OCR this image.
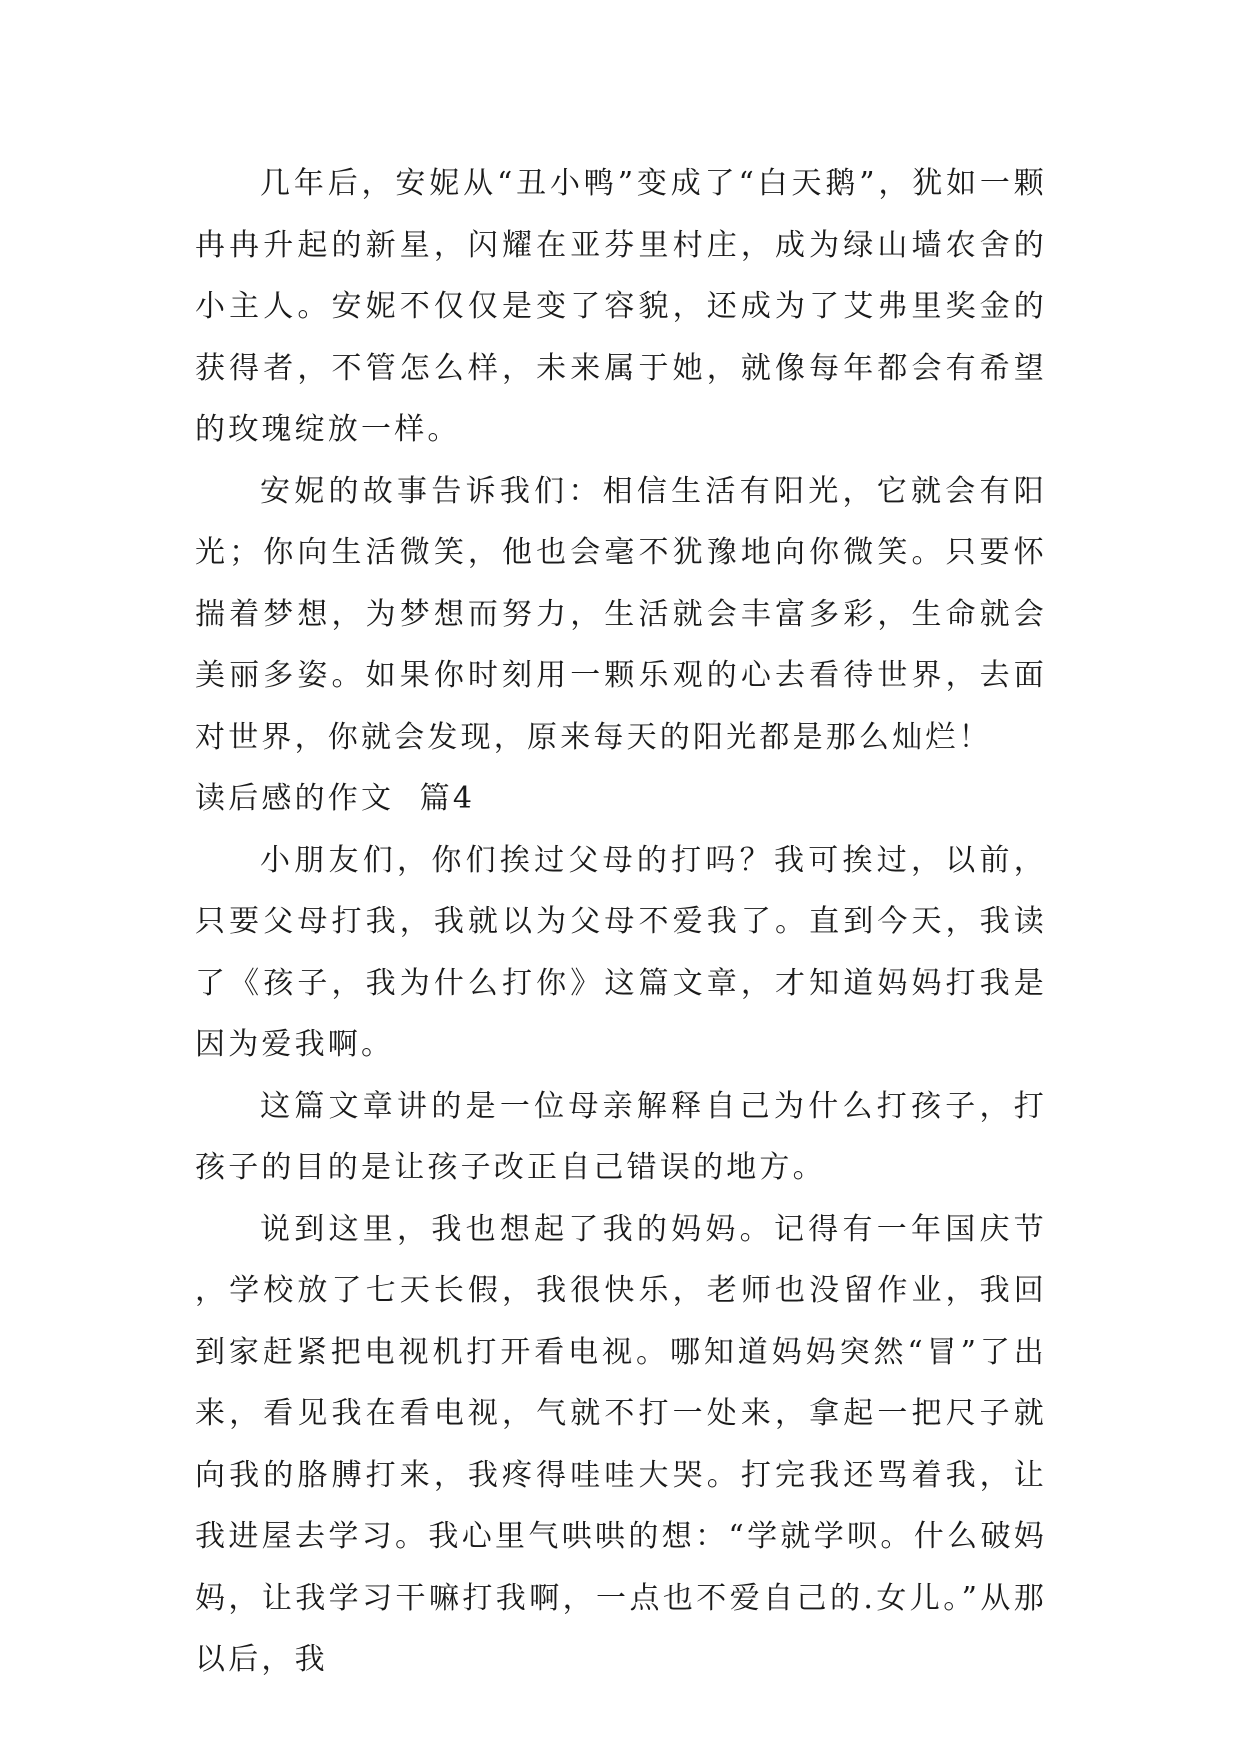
几年后，安妮从“丑小鸭”变成了“白天鹅”，犹如一颗冉冉升起的新星，闪耀在亚芬里村庄，成为绿山墙农舍的小主人。安妮不仅仅是变了容貌，还成为了艾弗里奖金的获得者，不管怎么样，未来属于她，就像每年都会有希望的玫瑰绽放一样。

安妮的故事告诉我们：相信生活有阳光，它就会有阳光；你向生活微笑，他也会毫不犹豫地向你微笑。只要怀揣着梦想，为梦想而努力，生活就会丰富多彩，生命就会美丽多姿。如果你时刻用一颗乐观的心去看待世界，去面对世界，你就会发现，原来每天的阳光都是那么灿烂！

读后感的作文  篇4

小朋友们，你们挨过父母的打吗？我可挨过，以前，只要父母打我，我就以为父母不爱我了。直到今天，我读了《孩子，我为什么打你》这篇文章，才知道妈妈打我是因为爱我啊。

这篇文章讲的是一位母亲解释自己为什么打孩子，打孩子的目的是让孩子改正自己错误的地方。

说到这里，我也想起了我的妈妈。记得有一年国庆节，学校放了七天长假，我很快乐，老师也没留作业，我回到家赶紧把电视机打开看电视。哪知道妈妈突然“冒”了出来，看见我在看电视，气就不打一处来，拿起一把尺子就向我的胳膊打来，我疼得哇哇大哭。打完我还骂着我，让我进屋去学习。我心里气哄哄的想：“学就学呗。什么破妈妈，让我学习干嘛打我啊，一点也不爱自己的.女儿。”从那以后，我
